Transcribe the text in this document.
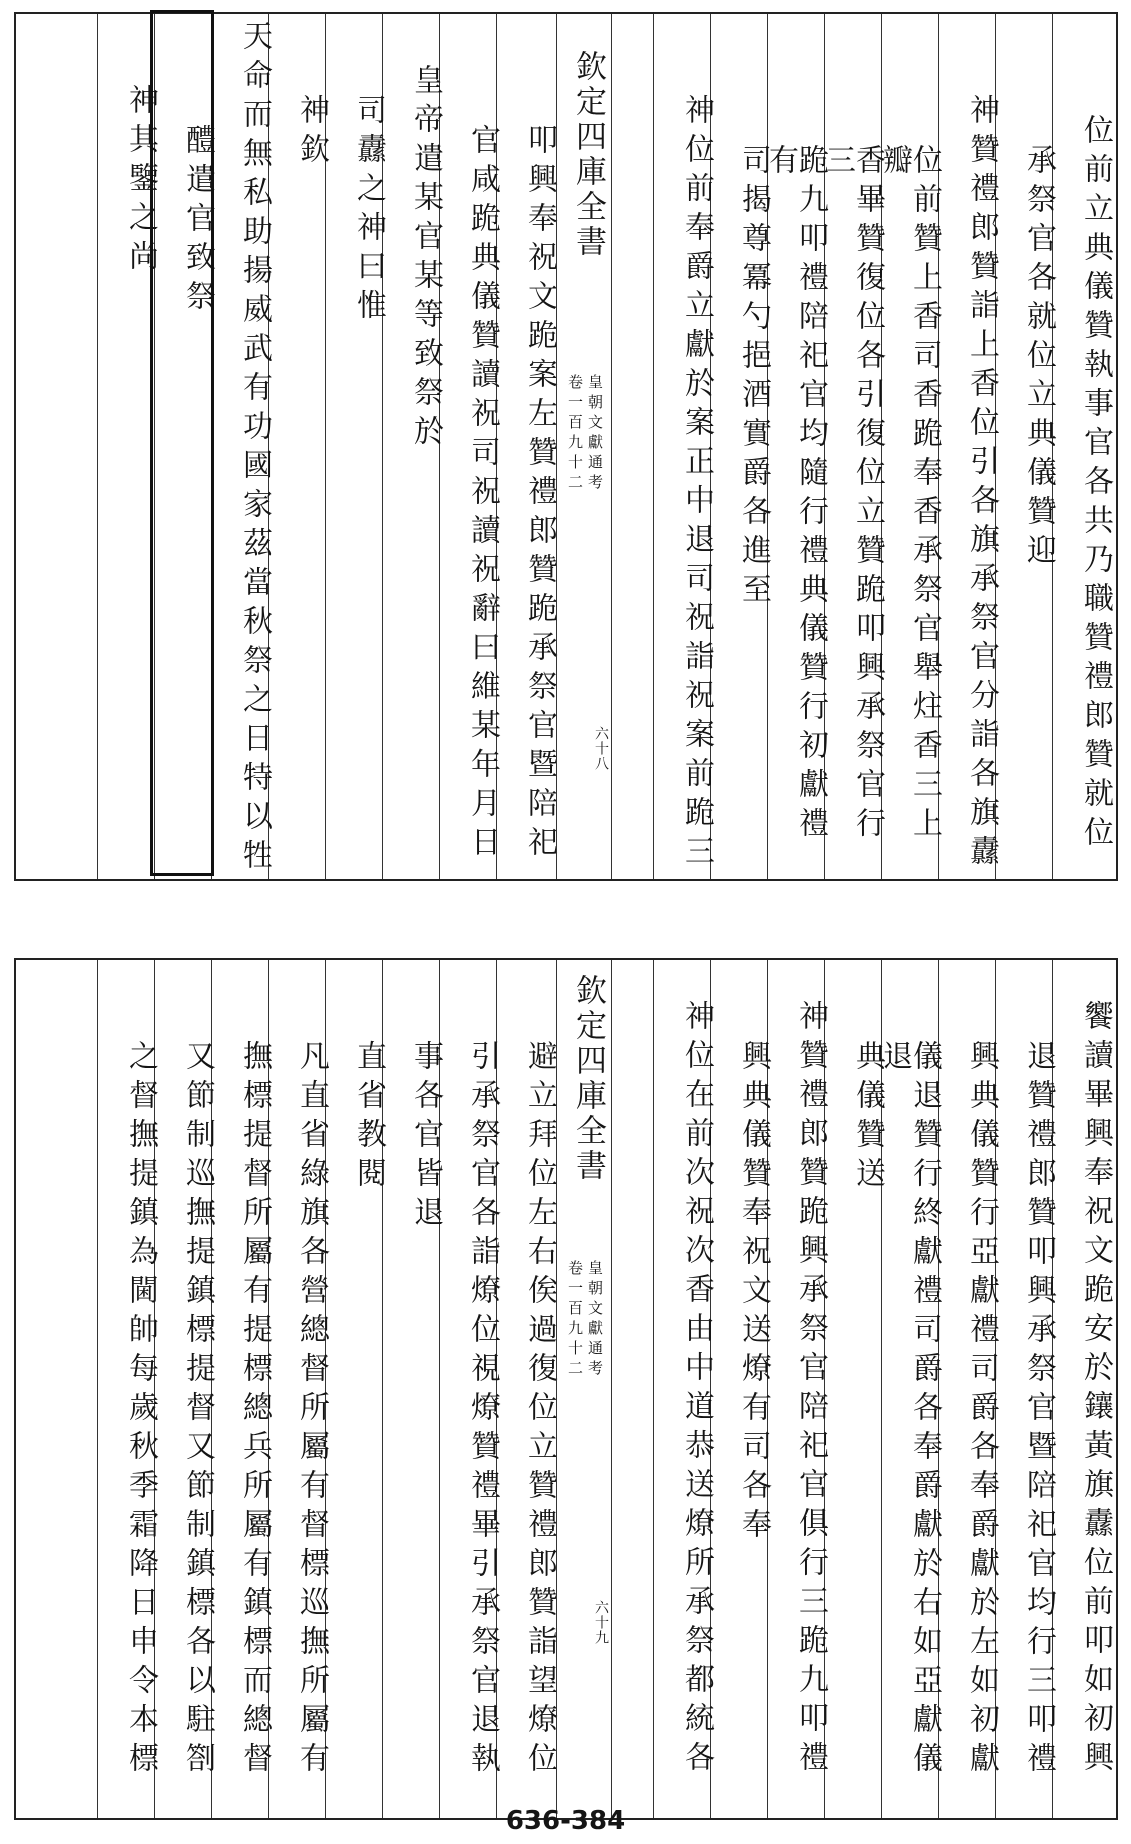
位前立典儀贊執事官各共乃職贊禮郎贊就位
承祭官各就位立典儀贊迎
神贊禮郎贊詣上香位引各旗承祭官分詣各旗纛
位前贊上香司香跪奉香承祭官舉炷香三上瓣
香畢贊復位各引復位立贊跪叩興承祭官行三
跪九叩禮陪祀官均隨行禮典儀贊行初獻禮有
司揭尊冪勺挹酒實爵各進至
神位前奉爵立獻於案正中退司祝詣祝案前跪三
叩興奉祝文跪案左贊禮郎贊跪承祭官暨陪祀
官咸跪典儀贊讀祝司祝讀祝辭曰維某年月日
皇帝遣某官某等致祭於
司纛之神曰惟
神欽
天命而無私助揚威武有功國家茲當秋祭之日特以牲
醴遣官致祭
神其鑒之尚	欽定四庫全書
皇朝文獻通考
卷一百九十二
六十八
饗讀畢興奉祝文跪安於鑲黃旗纛位前叩如初興
退贊禮郎贊叩興承祭官暨陪祀官均行三叩禮
興典儀贊行亞獻禮司爵各奉爵獻於左如初獻
儀退贊行終獻禮司爵各奉爵獻於右如亞獻儀退
典儀贊送
神贊禮郎贊跪興承祭官陪祀官俱行三跪九叩禮
興典儀贊奉祝文送燎有司各奉
神位在前次祝次香由中道恭送燎所承祭都統各
避立拜位左右俟過復位立贊禮郎贊詣望燎位
引承祭官各詣燎位視燎贊禮畢引承祭官退執
事各官皆退
直省教閱
凡直省綠旗各營總督所屬有督標巡撫所屬有
撫標提督所屬有提標總兵所屬有鎮標而總督
又節制巡撫提鎮標提督又節制鎮標各以駐劄
之督撫提鎮為閫帥每歲秋季霜降日申令本標	欽定四庫全書
皇朝文獻通考
卷一百九十二
六十九
636-384
